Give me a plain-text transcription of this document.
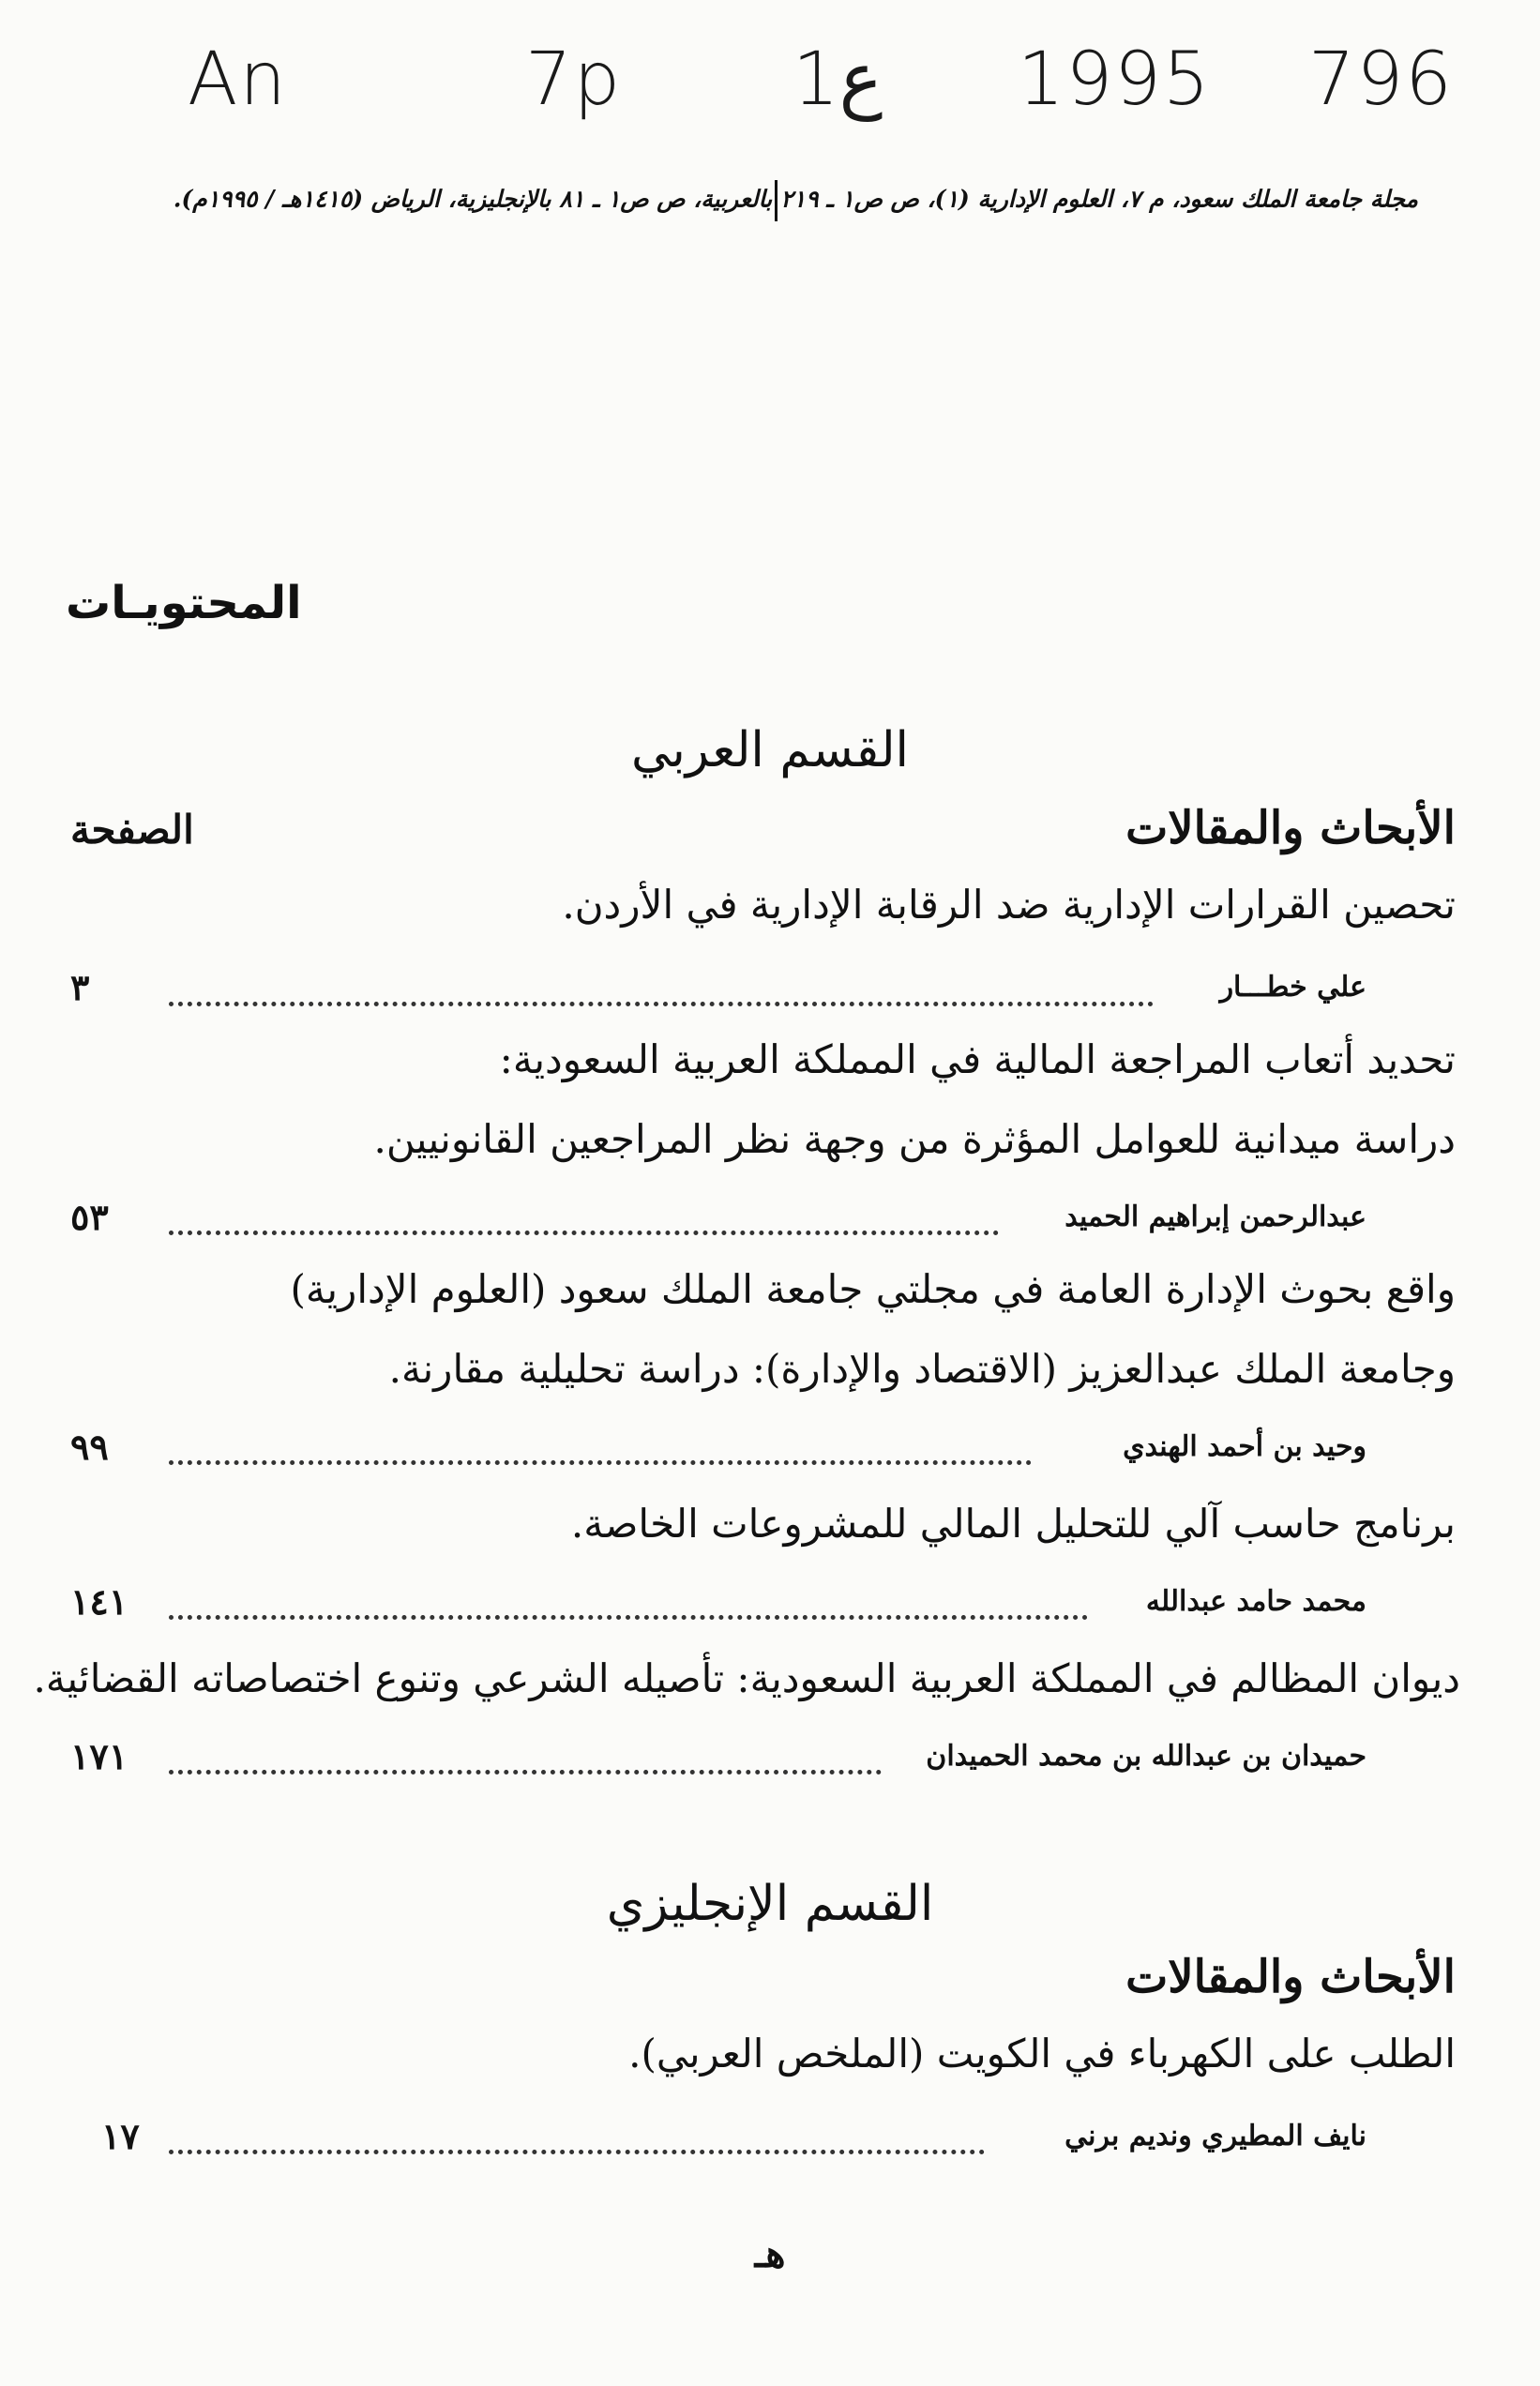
An	7p 1ع 1995 796
مجلة جامعة الملك سعود، م ٧، العلوم الإدارية (١)، ص ص١ ـ ٢١٩بالعربية، ص ص١ ـ ٨١ بالإنجليزية، الرياض (١٤١٥هـ / ١٩٩٥م).
المحتويـات
القسم العربي
الأبحاث والمقالات
الصفحة
تحصين القرارات الإدارية ضد الرقابة الإدارية في الأردن.
علي خطـــار
٣
تحديد أتعاب المراجعة المالية في المملكة العربية السعودية:
دراسة ميدانية للعوامل المؤثرة من وجهة نظر المراجعين القانونيين.
عبدالرحمن إبراهيم الحميد
٥٣
واقع بحوث الإدارة العامة في مجلتي جامعة الملك سعود (العلوم الإدارية)
وجامعة الملك عبدالعزيز (الاقتصاد والإدارة): دراسة تحليلية مقارنة.
وحيد بن أحمد الهندي
٩٩
برنامج حاسب آلي للتحليل المالي للمشروعات الخاصة.
محمد حامد عبدالله
١٤١
ديوان المظالم في المملكة العربية السعودية: تأصيله الشرعي وتنوع اختصاصاته القضائية.
حميدان بن عبدالله بن محمد الحميدان
١٧١
القسم الإنجليزي
الأبحاث والمقالات
الطلب على الكهرباء في الكويت (الملخص العربي).
نايف المطيري ونديم برني
١٧
هـ
